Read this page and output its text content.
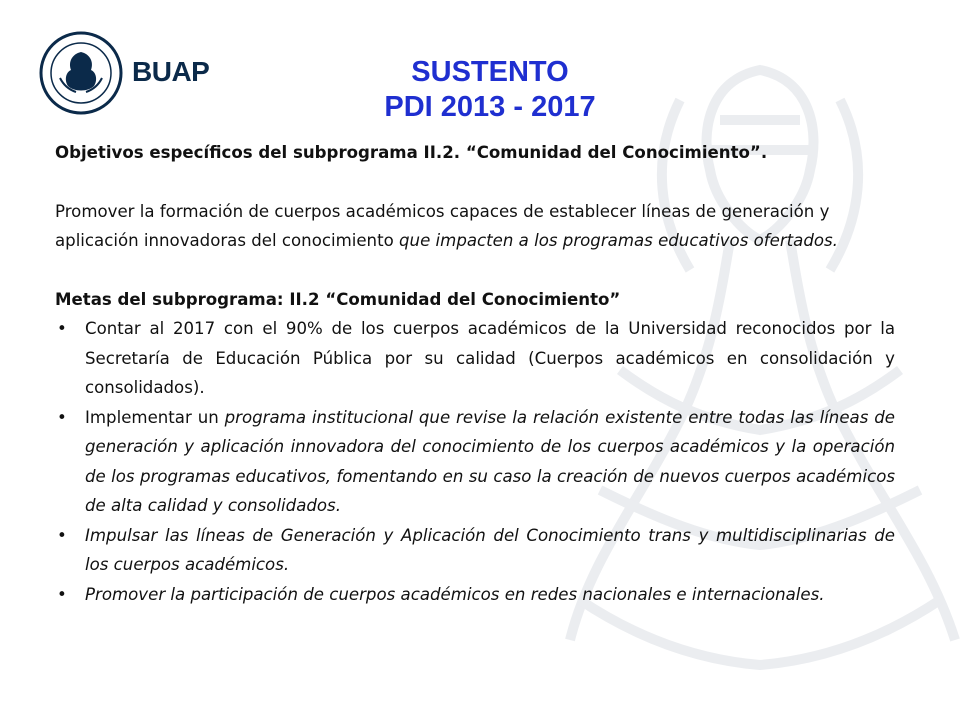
BUAP	SUSTENTO
PDI 2013 - 2017

Objetivos específicos del subprograma II.2. “Comunidad del Conocimiento”.

Promover la formación de cuerpos académicos capaces de establecer líneas de generación y aplicación innovadoras del conocimiento que impacten a los programas educativos ofertados.

Metas del subprograma: II.2 “Comunidad del Conocimiento”

• Contar al 2017 con el 90% de los cuerpos académicos de la Universidad reconocidos por la Secretaría de Educación Pública por su calidad (Cuerpos académicos en consolidación y consolidados).
• Implementar un programa institucional que revise la relación existente entre todas las líneas de generación y aplicación innovadora del conocimiento de los cuerpos académicos y la operación de los programas educativos, fomentando en su caso la creación de nuevos cuerpos académicos de alta calidad y consolidados.
• Impulsar las líneas de Generación y Aplicación del Conocimiento trans y multidisciplinarias de los cuerpos académicos.
• Promover la participación de cuerpos académicos en redes nacionales e internacionales.
